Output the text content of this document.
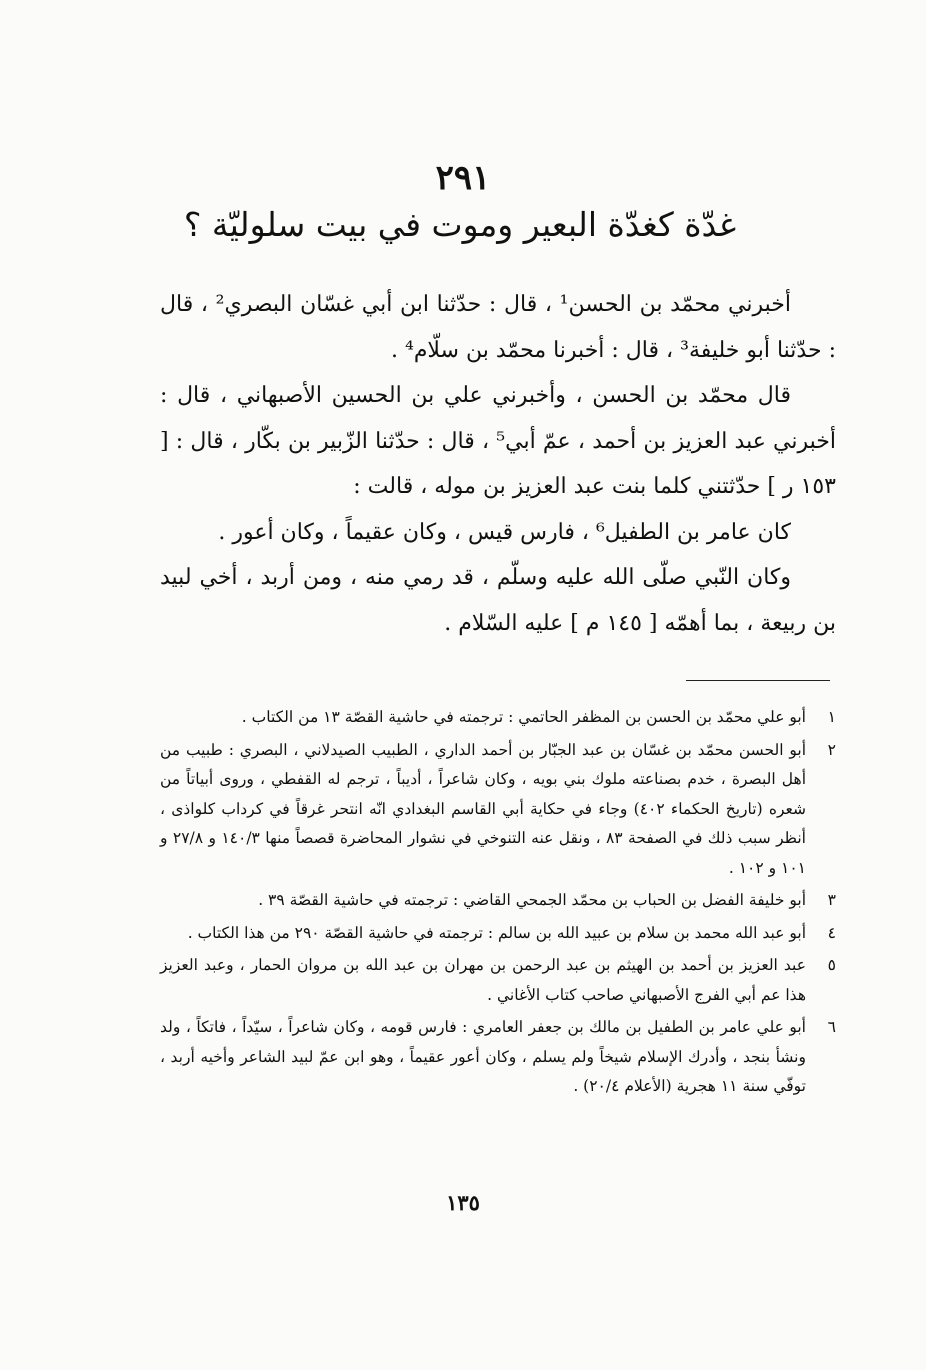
٢٩١
غدّة كغدّة البعير وموت في بيت سلوليّة ؟

أخبرني محمّد بن الحسن¹ ، قال : حدّثنا ابن أبي غسّان البصري² ، قال : حدّثنا أبو خليفة³ ، قال : أخبرنا محمّد بن سلّام⁴ .

قال محمّد بن الحسن ، وأخبرني علي بن الحسين الأصبهاني ، قال : أخبرني عبد العزيز بن أحمد ، عمّ أبي⁵ ، قال : حدّثنا الزّبير بن بكّار ، قال : [ ١٥٣ ر ] حدّثتني كلما بنت عبد العزيز بن موله ، قالت :

كان عامر بن الطفيل⁶ ، فارس قيس ، وكان عقيماً ، وكان أعور .

وكان النّبي صلّى الله عليه وسلّم ، قد رمي منه ، ومن أربد ، أخي لبيد بن ربيعة ، بما أهمّه [ ١٤٥ م ] عليه السّلام .

١
أبو علي محمّد بن الحسن بن المظفر الحاتمي : ترجمته في حاشية القصّة ١٣ من الكتاب .
٢
أبو الحسن محمّد بن غسّان بن عبد الجبّار بن أحمد الداري ، الطبيب الصيدلاني ، البصري : طبيب من أهل البصرة ، خدم بصناعته ملوك بني بويه ، وكان شاعراً ، أديباً ، ترجم له القفطي ، وروى أبياتاً من شعره (تاريخ الحكماء ٤٠٢) وجاء في حكاية أبي القاسم البغدادي انّه انتحر غرقاً في كرداب كلواذى ، أنظر سبب ذلك في الصفحة ٨٣ ، ونقل عنه التنوخي في نشوار المحاضرة قصصاً منها ١٤٠/٣ و ٢٧/٨ و ١٠١ و ١٠٢ .
٣
أبو خليفة الفضل بن الحباب بن محمّد الجمحي القاضي : ترجمته في حاشية القصّة ٣٩ .
٤
أبو عبد الله محمد بن سلام بن عبيد الله بن سالم : ترجمته في حاشية القصّة ٢٩٠ من هذا الكتاب .
٥
عبد العزيز بن أحمد بن الهيثم بن عبد الرحمن بن مهران بن عبد الله بن مروان الحمار ، وعبد العزيز هذا عم أبي الفرج الأصبهاني صاحب كتاب الأغاني .
٦
أبو علي عامر بن الطفيل بن مالك بن جعفر العامري : فارس قومه ، وكان شاعراً ، سيّداً ، فاتكاً ، ولد ونشأ بنجد ، وأدرك الإسلام شيخاً ولم يسلم ، وكان أعور عقيماً ، وهو ابن عمّ لبيد الشاعر وأخيه أربد ، توفّي سنة ١١ هجرية (الأعلام ٢٠/٤) .
١٣٥
